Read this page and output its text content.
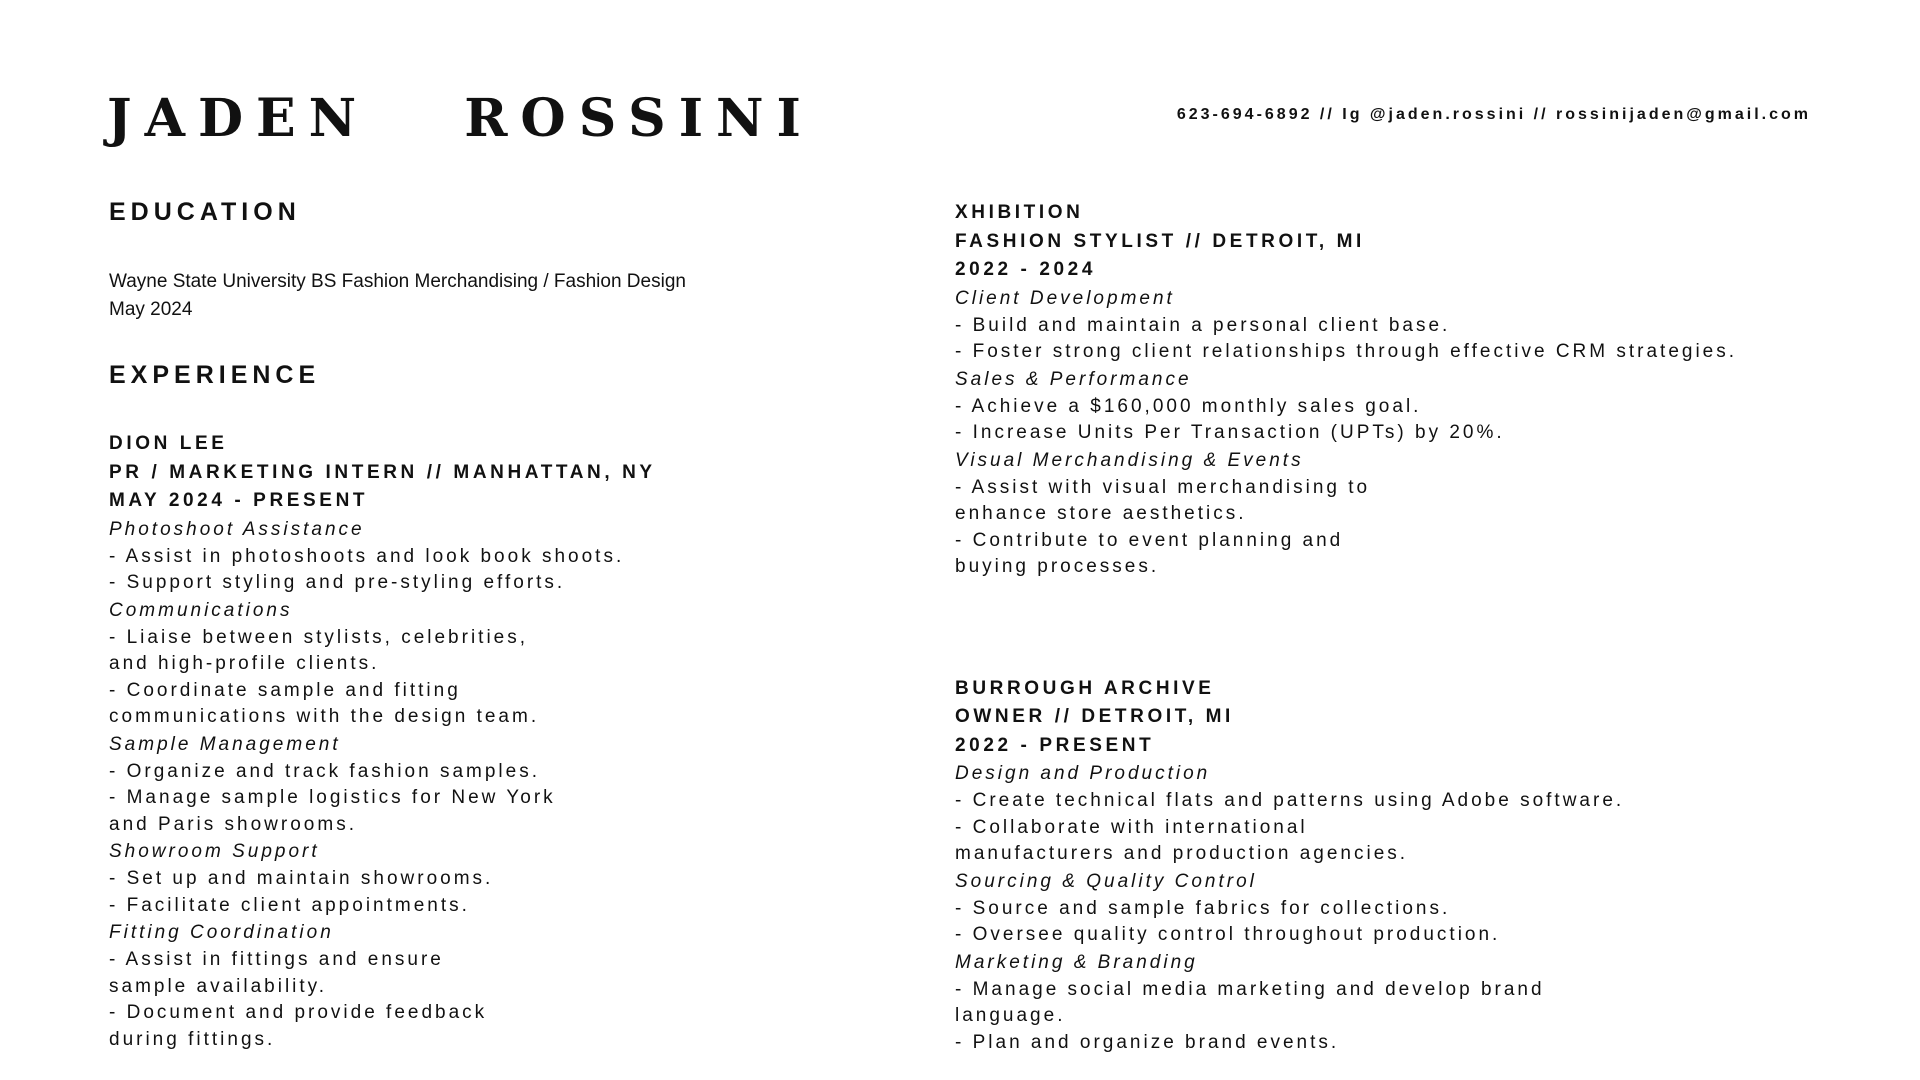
JADEN ROSSINI	623-694-6892 // Ig @jaden.rossini // rossinijaden@gmail.com
EDUCATION

Wayne State University BS Fashion Merchandising / Fashion Design

May 2024

EXPERIENCE
DION LEE
PR / MARKETING INTERN // MANHATTAN, NY
MAY 2024 - PRESENT
Photoshoot Assistance
- Assist in photoshoots and look book shoots.
- Support styling and pre-styling efforts.
Communications
- Liaise between stylists, celebrities,
and high-profile clients.
- Coordinate sample and fitting
communications with the design team.
Sample Management
- Organize and track fashion samples.
- Manage sample logistics for New York
and Paris showrooms.
Showroom Support
- Set up and maintain showrooms.
- Facilitate client appointments.
Fitting Coordination
- Assist in fittings and ensure
sample availability.
- Document and provide feedback
during fittings.
XHIBITION
FASHION STYLIST // DETROIT, MI
2022 - 2024
Client Development
- Build and maintain a personal client base.
- Foster strong client relationships through effective CRM strategies.
Sales & Performance
- Achieve a $160,000 monthly sales goal.
- Increase Units Per Transaction (UPTs) by 20%.
Visual Merchandising & Events
- Assist with visual merchandising to
enhance store aesthetics.
- Contribute to event planning and
buying processes.
BURROUGH ARCHIVE
OWNER // DETROIT, MI
2022 - PRESENT
Design and Production
- Create technical flats and patterns using Adobe software.
- Collaborate with international
manufacturers and production agencies.
Sourcing & Quality Control
- Source and sample fabrics for collections.
- Oversee quality control throughout production.
Marketing & Branding
- Manage social media marketing and develop brand
language.
- Plan and organize brand events.
